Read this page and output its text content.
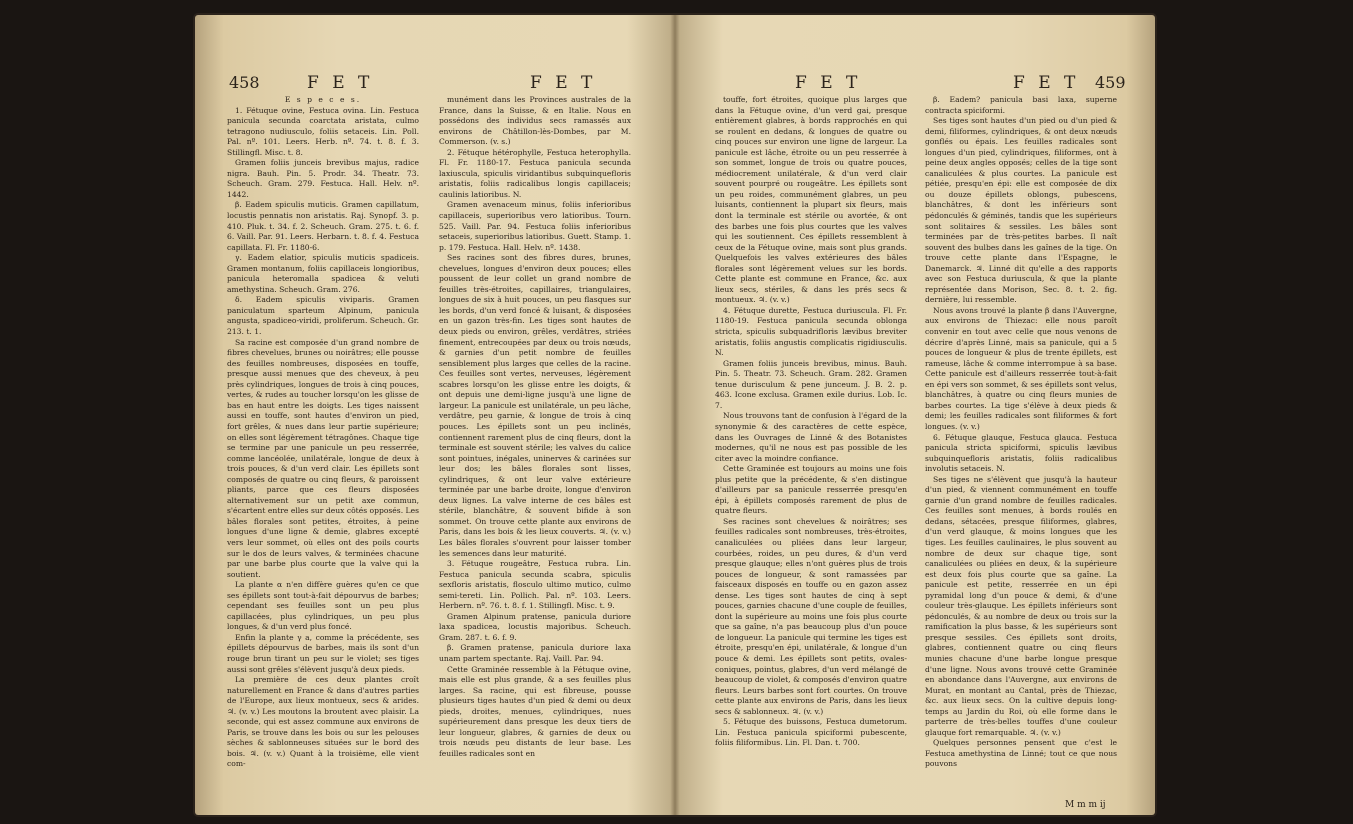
458	F E T	F E T

E s p e c e s.

1. Fétuque ovine, Festuca ovina. Lin. Festuca panicula secunda coarctata aristata, culmo tetragono nudiusculo, foliis setaceis. Lin. Poll. Pal. nº. 101. Leers. Herb. nº. 74. t. 8. f. 3. Stillingfl. Misc. t. 8.

Gramen foliis junceis brevibus majus, radice nigra. Bauh. Pin. 5. Prodr. 34. Theatr. 73. Scheuch. Gram. 279. Festuca. Hall. Helv. nº. 1442.

β. Eadem spiculis muticis. Gramen capillatum, locustis pennatis non aristatis. Raj. Synopf. 3. p. 410. Pluk. t. 34. f. 2. Scheuch. Gram. 275. t. 6. f. 6. Vaill. Par. 91. Leers. Herbarn. t. 8. f. 4. Festuca capillata. Fl. Fr. 1180-6.

γ. Eadem elatior, spiculis muticis spadiceis. Gramen montanum, foliis capillaceis longioribus, panicula heteromalla spadicea & veluti amethystina. Scheuch. Gram. 276.

δ. Eadem spiculis viviparis. Gramen paniculatum sparteum Alpinum, panicula angusta, spadiceo-viridi, proliferum. Scheuch. Gr. 213. t. 1.

Sa racine est composée d'un grand nombre de fibres chevelues, brunes ou noirâtres; elle pousse des feuilles nombreuses, disposées en touffe, presque aussi menues que des cheveux, à peu près cylindriques, longues de trois à cinq pouces, vertes, & rudes au toucher lorsqu'on les glisse de bas en haut entre les doigts. Les tiges naissent aussi en touffe, sont hautes d'environ un pied, fort grêles, & nues dans leur partie supérieure; on elles sont légèrement tétragônes. Chaque tige se termine par une panicule un peu resserrée, comme lancéolée, unilatérale, longue de deux à trois pouces, & d'un verd clair. Les épillets sont composés de quatre ou cinq fleurs, & paroissent pliants, parce que ces fleurs disposées alternativement sur un petit axe commun, s'écartent entre elles sur deux côtés opposés. Les bâles florales sont petites, étroites, à peine longues d'une ligne & demie, glabres excepté vers leur sommet, où elles ont des poils courts sur le dos de leurs valves, & terminées chacune par une barbe plus courte que la valve qui la soutient.

La plante α n'en diffère guères qu'en ce que ses épillets sont tout-à-fait dépourvus de barbes; cependant ses feuilles sont un peu plus capillacées, plus cylindriques, un peu plus longues, & d'un verd plus foncé.

Enfin la plante γ a, comme la précédente, ses épillets dépourvus de barbes, mais ils sont d'un rouge brun tirant un peu sur le violet; ses tiges aussi sont grêles s'élèvent jusqu'à deux pieds.

La première de ces deux plantes croît naturellement en France & dans d'autres parties de l'Europe, aux lieux montueux, secs & arides. ♃. (v. v.) Les moutons la broutent avec plaisir. La seconde, qui est assez commune aux environs de Paris, se trouve dans les bois ou sur les pelouses sèches & sablonneuses situées sur le bord des bois. ♃. (v. v.) Quant à la troisième, elle vient com-

munément dans les Provinces australes de la France, dans la Suisse, & en Italie. Nous en possédons des individus secs ramassés aux environs de Châtillon-lès-Dombes, par M. Commerson. (v. s.)

2. Fétuque hétérophylle, Festuca heterophylla. Fl. Fr. 1180-17. Festuca panicula secunda laxiuscula, spiculis viridantibus subquinquefloris aristatis, foliis radicalibus longis capillaceis; caulinis latioribus. N.

Gramen avenaceum minus, foliis inferioribus capillaceis, superioribus vero latioribus. Tourn. 525. Vaill. Par. 94. Festuca foliis inferioribus setaceis, superioribus latioribus. Guett. Stamp. 1. p. 179. Festuca. Hall. Helv. nº. 1438.

Ses racines sont des fibres dures, brunes, chevelues, longues d'environ deux pouces; elles poussent de leur collet un grand nombre de feuilles très-étroites, capillaires, triangulaires, longues de six à huit pouces, un peu flasques sur les bords, d'un verd foncé & luisant, & disposées en un gazon très-fin. Les tiges sont hautes de deux pieds ou environ, grêles, verdâtres, striées finement, entrecoupées par deux ou trois nœuds, & garnies d'un petit nombre de feuilles sensiblement plus larges que celles de la racine. Ces feuilles sont vertes, nerveuses, légèrement scabres lorsqu'on les glisse entre les doigts, & ont depuis une demi-ligne jusqu'à une ligne de largeur. La panicule est unilatérale, un peu lâche, verdâtre, peu garnie, & longue de trois à cinq pouces. Les épillets sont un peu inclinés, contiennent rarement plus de cinq fleurs, dont la terminale est souvent stérile; les valves du calice sont pointues, inégales, uninerves & carinées sur leur dos; les bâles florales sont lisses, cylindriques, & ont leur valve extérieure terminée par une barbe droite, longue d'environ deux lignes. La valve interne de ces bâles est stérile, blanchâtre, & souvent bifide à son sommet. On trouve cette plante aux environs de Paris, dans les bois & les lieux couverts. ♃. (v. v.) Les bâles florales s'ouvrent pour laisser tomber les semences dans leur maturité.

3. Fétuque rougeâtre, Festuca rubra. Lin. Festuca panicula secunda scabra, spiculis sexfloris aristatis, flosculo ultimo mutico, culmo semi-tereti. Lin. Pollich. Pal. nº. 103. Leers. Herbern. nº. 76. t. 8. f. 1. Stillingfl. Misc. t. 9.

Gramen Alpinum pratense, panicula duriore laxa spadicea, locustis majoribus. Scheuch. Gram. 287. t. 6. f. 9.

β. Gramen pratense, panicula duriore laxa unam partem spectante. Raj. Vaill. Par. 94.

Cette Graminée ressemble à la Fétuque ovine, mais elle est plus grande, & a ses feuilles plus larges. Sa racine, qui est fibreuse, pousse plusieurs tiges hautes d'un pied & demi ou deux pieds, droites, menues, cylindriques, nues supérieurement dans presque les deux tiers de leur longueur, glabres, & garnies de deux ou trois nœuds peu distants de leur base. Les feuilles radicales sont en

F E T	F E T 459

touffe, fort étroites, quoique plus larges que dans la Fétuque ovine, d'un verd gai, presque entièrement glabres, à bords rapprochés en qui se roulent en dedans, & longues de quatre ou cinq pouces sur environ une ligne de largeur. La panicule est lâche, étroite ou un peu resserrée à son sommet, longue de trois ou quatre pouces, médiocrement unilatérale, & d'un verd clair souvent pourpré ou rougeâtre. Les épillets sont un peu roides, communément glabres, un peu luisants, contiennent la plupart six fleurs, mais dont la terminale est stérile ou avortée, & ont des barbes une fois plus courtes que les valves qui les soutiennent. Ces épillets ressemblent à ceux de la Fétuque ovine, mais sont plus grands. Quelquefois les valves extérieures des bâles florales sont légèrement velues sur les bords. Cette plante est commune en France, &c. aux lieux secs, stériles, & dans les prés secs & montueux. ♃. (v. v.)

4. Fétuque durette, Festuca duriuscula. Fl. Fr. 1180-19. Festuca panicula secunda oblonga stricta, spiculis subquadrifloris lævibus breviter aristatis, foliis angustis complicatis rigidiusculis. N.

Gramen foliis junceis brevibus, minus. Bauh. Pin. 5. Theatr. 73. Scheuch. Gram. 282. Gramen tenue durisculum & pene junceum. J. B. 2. p. 463. Icone exclusa. Gramen exile durius. Lob. Ic. 7.

Nous trouvons tant de confusion à l'égard de la synonymie & des caractères de cette espèce, dans les Ouvrages de Linné & des Botanistes modernes, qu'il ne nous est pas possible de les citer avec la moindre confiance.

Cette Graminée est toujours au moins une fois plus petite que la précédente, & s'en distingue d'ailleurs par sa panicule resserrée presqu'en épi, à épillets composés rarement de plus de quatre fleurs.

Ses racines sont chevelues & noirâtres; ses feuilles radicales sont nombreuses, très-étroites, canaliculées ou pliées dans leur largeur, courbées, roides, un peu dures, & d'un verd presque glauque; elles n'ont guères plus de trois pouces de longueur, & sont ramassées par faisceaux disposés en touffe ou en gazon assez dense. Les tiges sont hautes de cinq à sept pouces, garnies chacune d'une couple de feuilles, dont la supérieure au moins une fois plus courte que sa gaîne, n'a pas beaucoup plus d'un pouce de longueur. La panicule qui termine les tiges est étroite, presqu'en épi, unilatérale, & longue d'un pouce & demi. Les épillets sont petits, ovales-coniques, pointus, glabres, d'un verd mélangé de beaucoup de violet, & composés d'environ quatre fleurs. Leurs barbes sont fort courtes. On trouve cette plante aux environs de Paris, dans les lieux secs & sablonneux. ♃. (v. v.)

5. Fétuque des buissons, Festuca dumetorum. Lin. Festuca panicula spiciformi pubescente, foliis filiformibus. Lin. Fl. Dan. t. 700.

β. Eadem? panicula basi laxa, superne contracta spiciformi.

Ses tiges sont hautes d'un pied ou d'un pied & demi, filiformes, cylindriques, & ont deux nœuds gonflés ou épais. Les feuilles radicales sont longues d'un pied, cylindriques, filiformes, ont à peine deux angles opposés; celles de la tige sont canaliculées & plus courtes. La panicule est pétiée, presqu'en épi: elle est composée de dix ou douze épillets oblongs, pubescens, blanchâtres, & dont les inférieurs sont pédonculés & géminés, tandis que les supérieurs sont solitaires & sessiles. Les bâles sont terminées par de très-petites barbes. Il naît souvent des bulbes dans les gaînes de la tige. On trouve cette plante dans l'Espagne, le Danemarck. ♃. Linné dit qu'elle a des rapports avec son Festuca duriuscula, & que la plante représentée dans Morison, Sec. 8. t. 2. fig. dernière, lui ressemble.

Nous avons trouvé la plante β dans l'Auvergne, aux environs de Thiezac: elle nous paroît convenir en tout avec celle que nous venons de décrire d'après Linné, mais sa panicule, qui a 5 pouces de longueur & plus de trente épillets, est rameuse, lâche & comme interrompue à sa base. Cette panicule est d'ailleurs resserrée tout-à-fait en épi vers son sommet, & ses épillets sont velus, blanchâtres, à quatre ou cinq fleurs munies de barbes courtes. La tige s'élève à deux pieds & demi; les feuilles radicales sont filiformes & fort longues. (v. v.)

6. Fétuque glauque, Festuca glauca. Festuca panicula stricta spiciformi, spiculis lævibus subquinquefloris aristatis, foliis radicalibus involutis setaceis. N.

Ses tiges ne s'élèvent que jusqu'à la hauteur d'un pied, & viennent communément en touffe garnie d'un grand nombre de feuilles radicales. Ces feuilles sont menues, à bords roulés en dedans, sétacées, presque filiformes, glabres, d'un verd glauque, & moins longues que les tiges. Les feuilles caulinaires, le plus souvent au nombre de deux sur chaque tige, sont canaliculées ou pliées en deux, & la supérieure est deux fois plus courte que sa gaîne. La panicule est petite, resserrée en un épi pyramidal long d'un pouce & demi, & d'une couleur très-glauque. Les épillets inférieurs sont pédonculés, & au nombre de deux ou trois sur la ramification la plus basse, & les supérieurs sont presque sessiles. Ces épillets sont droits, glabres, contiennent quatre ou cinq fleurs munies chacune d'une barbe longue presque d'une ligne. Nous avons trouvé cette Graminée en abondance dans l'Auvergne, aux environs de Murat, en montant au Cantal, près de Thiezac, &c. aux lieux secs. On la cultive depuis long-temps au Jardin du Roi, où elle forme dans le parterre de très-belles touffes d'une couleur glauque fort remarquable. ♃. (v. v.)

Quelques personnes pensent que c'est le Festuca amethystina de Linné; tout ce que nous pouvons

M m m ij
